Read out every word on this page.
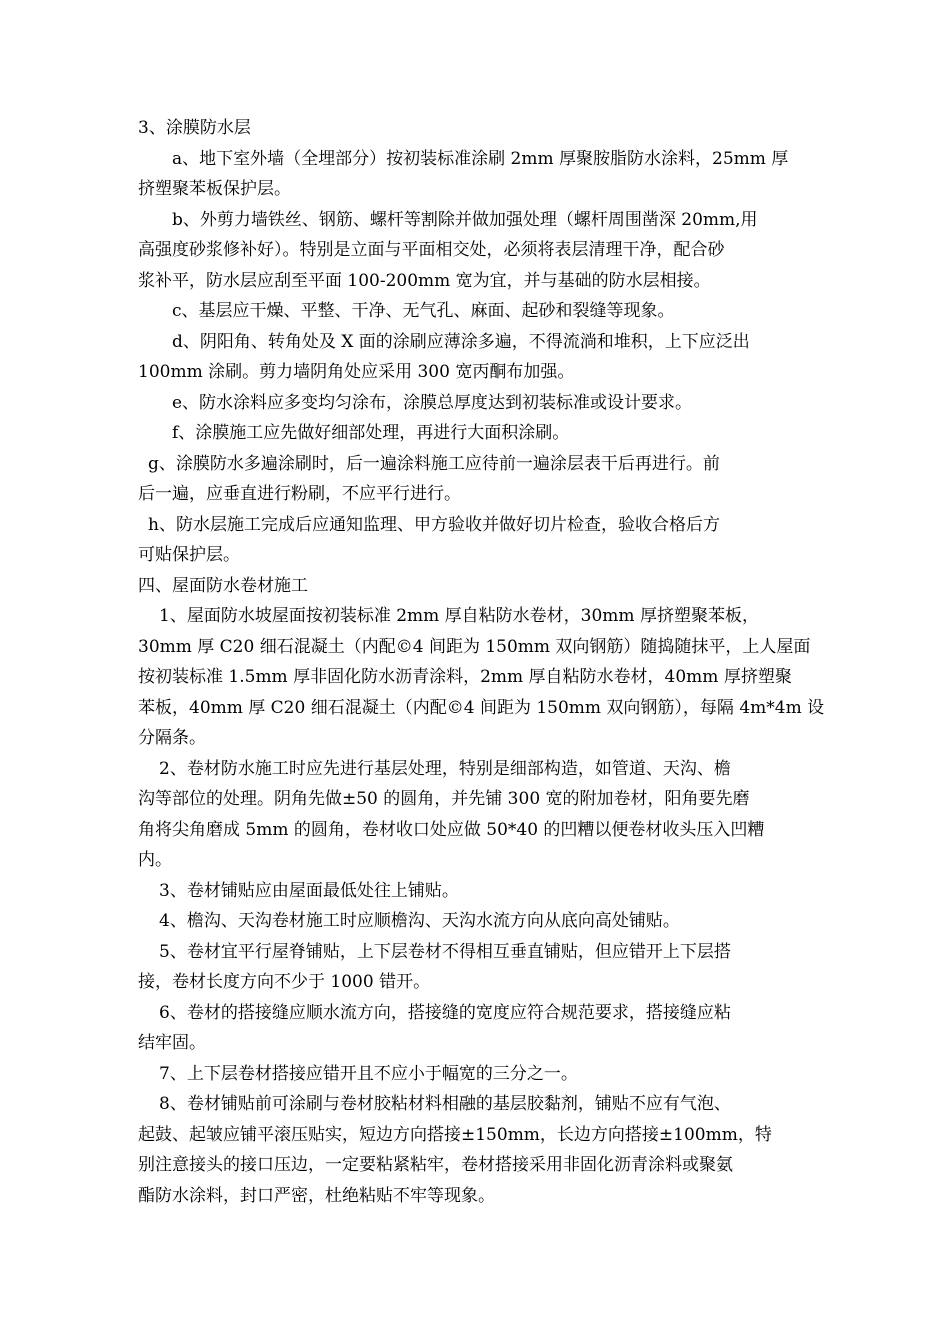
3、涂膜防水层
a、地下室外墙（全埋部分）按初装标准涂刷 2mm 厚聚胺脂防水涂料，25mm 厚
挤塑聚苯板保护层。
b、外剪力墙铁丝、钢筋、螺杆等割除并做加强处理（螺杆周围凿深 20mm,用
高强度砂浆修补好）。特别是立面与平面相交处，必须将表层清理干净，配合砂
浆补平，防水层应刮至平面 100-200mm 宽为宜，并与基础的防水层相接。
c、基层应干燥、平整、干净、无气孔、麻面、起砂和裂缝等现象。
d、阴阳角、转角处及 X 面的涂刷应薄涂多遍，不得流淌和堆积，上下应泛出
100mm 涂刷。剪力墙阴角处应采用 300 宽丙酮布加强。
e、防水涂料应多变均匀涂布，涂膜总厚度达到初装标准或设计要求。
f、涂膜施工应先做好细部处理，再进行大面积涂刷。
g、涂膜防水多遍涂刷时，后一遍涂料施工应待前一遍涂层表干后再进行。前
后一遍，应垂直进行粉刷，不应平行进行。
h、防水层施工完成后应通知监理、甲方验收并做好切片检查，验收合格后方
可贴保护层。
四、屋面防水卷材施工
1、屋面防水坡屋面按初装标准 2mm 厚自粘防水卷材，30mm 厚挤塑聚苯板，
30mm 厚 C20 细石混凝土（内配©4 间距为 150mm 双向钢筋）随捣随抹平，上人屋面
按初装标准 1.5mm 厚非固化防水沥青涂料，2mm 厚自粘防水卷材，40mm 厚挤塑聚
苯板，40mm 厚 C20 细石混凝土（内配©4 间距为 150mm 双向钢筋），每隔 4m*4m 设
分隔条。
2、卷材防水施工时应先进行基层处理，特别是细部构造，如管道、天沟、檐
沟等部位的处理。阴角先做±50 的圆角，并先铺 300 宽的附加卷材，阳角要先磨
角将尖角磨成 5mm 的圆角，卷材收口处应做 50*40 的凹糟以便卷材收头压入凹糟
内。
3、卷材铺贴应由屋面最低处往上铺贴。
4、檐沟、天沟卷材施工时应顺檐沟、天沟水流方向从底向高处铺贴。
5、卷材宜平行屋脊铺贴，上下层卷材不得相互垂直铺贴，但应错开上下层搭
接，卷材长度方向不少于 1000 错开。
6、卷材的搭接缝应顺水流方向，搭接缝的宽度应符合规范要求，搭接缝应粘
结牢固。
7、上下层卷材搭接应错开且不应小于幅宽的三分之一。
8、卷材铺贴前可涂刷与卷材胶粘材料相融的基层胶黏剂，铺贴不应有气泡、
起鼓、起皱应铺平滚压贴实，短边方向搭接±150mm，长边方向搭接±100mm，特
别注意接头的接口压边，一定要粘紧粘牢，卷材搭接采用非固化沥青涂料或聚氨
酯防水涂料，封口严密，杜绝粘贴不牢等现象。
